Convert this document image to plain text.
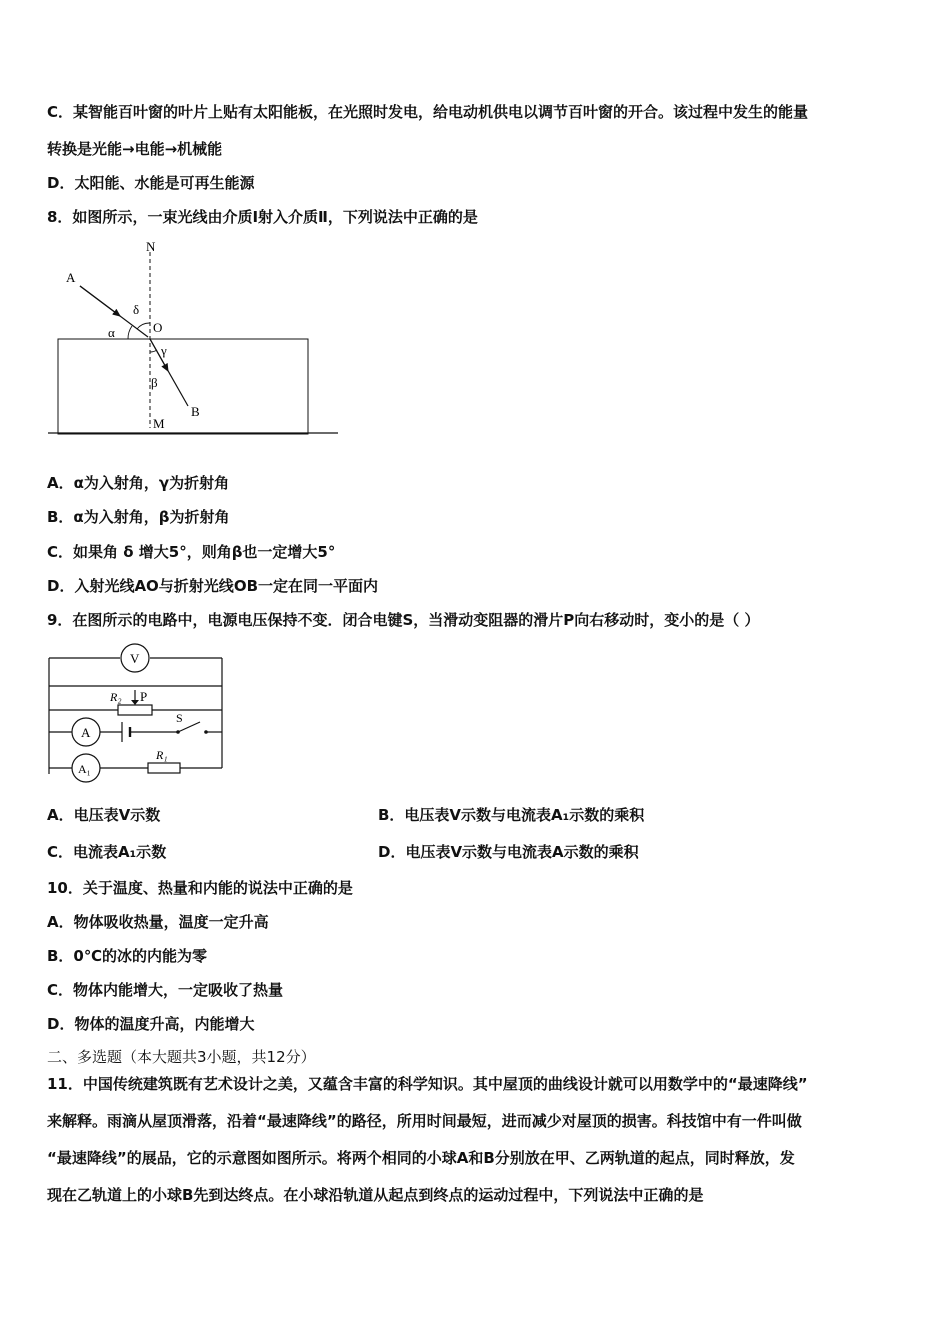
C．某智能百叶窗的叶片上贴有太阳能板，在光照时发电，给电动机供电以调节百叶窗的开合。该过程中发生的能量
转换是光能→电能→机械能
D．太阳能、水能是可再生能源
8．如图所示，一束光线由介质Ⅰ射入介质Ⅱ，下列说法中正确的是
N
A
δ
α	O
γ
β
B
M
A．α为入射角，γ为折射角
B．α为入射角，β为折射角
C．如果角 δ 增大5°，则角β也一定增大5°
D．入射光线AO与折射光线OB一定在同一平面内
9．在图所示的电路中，电源电压保持不变．闭合电键S，当滑动变阻器的滑片P向右移动时，变小的是（ ）
V
R₂ P
A
S
R₁
A₁
A．电压表V示数	B．电压表V示数与电流表A₁示数的乘积
C．电流表A₁示数	D．电压表V示数与电流表A示数的乘积
10．关于温度、热量和内能的说法中正确的是
A．物体吸收热量，温度一定升高
B．0℃的冰的内能为零
C．物体内能增大，一定吸收了热量
D．物体的温度升高，内能增大
二、多选题（本大题共3小题，共12分）
11．中国传统建筑既有艺术设计之美，又蕴含丰富的科学知识。其中屋顶的曲线设计就可以用数学中的“最速降线”
来解释。雨滴从屋顶滑落，沿着“最速降线”的路径，所用时间最短，进而减少对屋顶的损害。科技馆中有一件叫做
“最速降线”的展品，它的示意图如图所示。将两个相同的小球A和B分别放在甲、乙两轨道的起点，同时释放，发
现在乙轨道上的小球B先到达终点。在小球沿轨道从起点到终点的运动过程中，下列说法中正确的是
